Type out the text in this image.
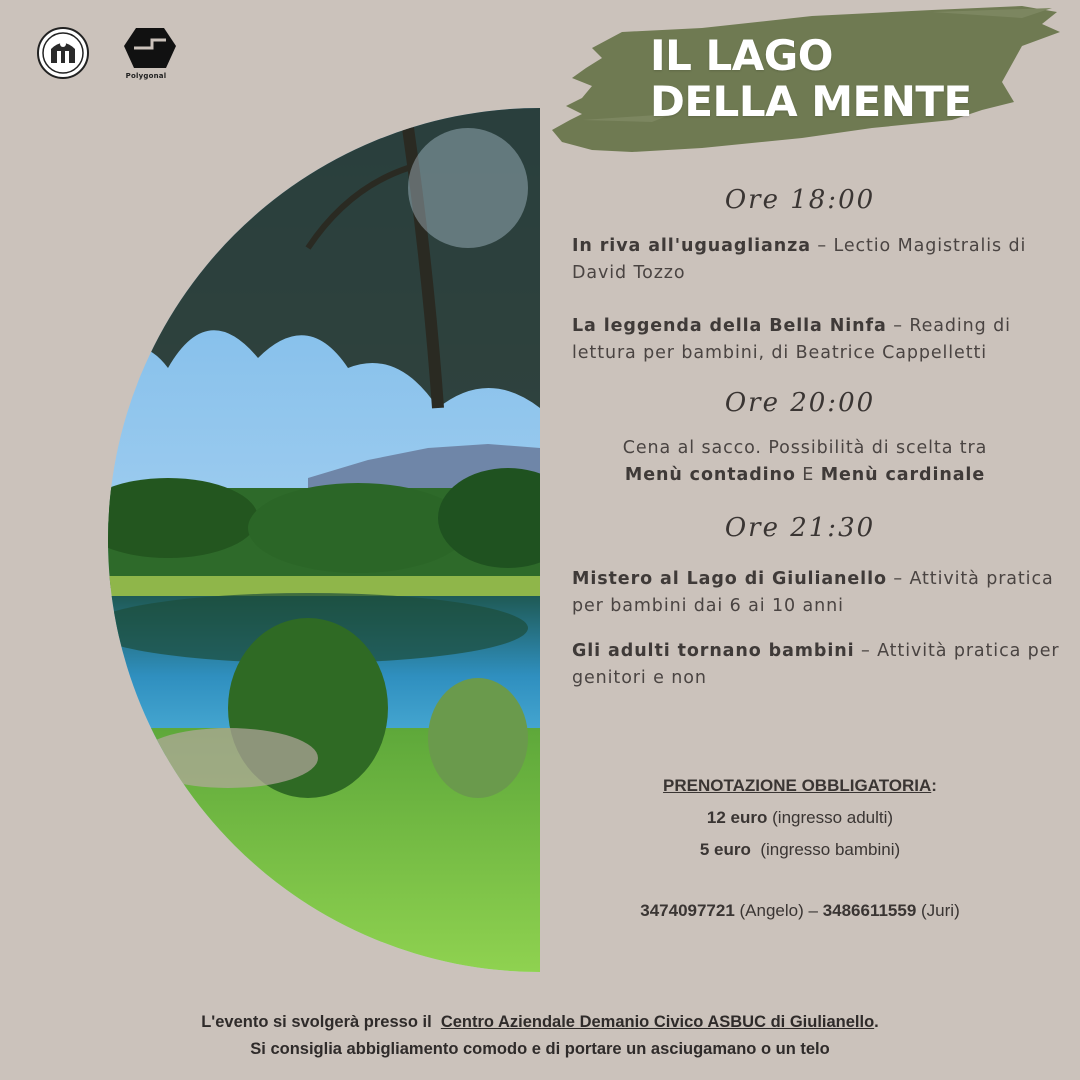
Polygonal	IL LAGO
DELLA MENTE
Ore 18:00
In riva all'uguaglianza – Lectio Magistralis di David Tozzo
La leggenda della Bella Ninfa – Reading di lettura per bambini, di Beatrice Cappelletti
Ore 20:00
Cena al sacco. Possibilità di scelta tra
Menù contadino E Menù cardinale
Ore 21:30
Mistero al Lago di Giulianello – Attività pratica per bambini dai 6 ai 10 anni
Gli adulti tornano bambini – Attività pratica per genitori e non
PRENOTAZIONE OBBLIGATORIA:
12 euro (ingresso adulti)
5 euro  (ingresso bambini)
3474097721 (Angelo) – 3486611559 (Juri)
L'evento si svolgerà presso il  Centro Aziendale Demanio Civico ASBUC di Giulianello.
Si consiglia abbigliamento comodo e di portare un asciugamano o un telo
